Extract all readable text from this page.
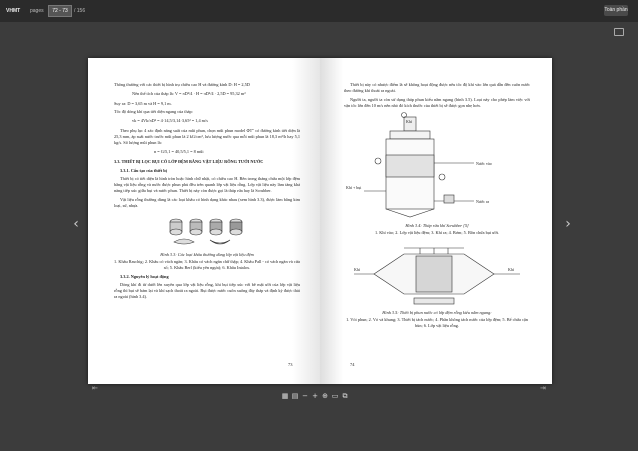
VHMT pages	72 - 73	/ 156	Toàn phần
‹	›

Thông thường với các thiết bị hình trụ chiều cao H và đường kính D: H = 2,5D

Nên thể tích của tháp là: V = πD²/4 · H = πD²/4 · 2,5D = 95,32 m³

Suy ra: D = 3,65 m và H = 9,1 m.

Tốc độ dòng khí qua tiết diện ngang của tháp:

vk = 4Vk/πD² = 4·14,5/3,14·3,65² = 1,4 m/s

Theo phụ lục 4 xác định năng suất của mũi phun, chọn mũi phun model ΦT" có đường kính tiết diện là 25,3 mm, áp suất nước trước mũi phun là 2 kG/cm², lưu lượng nước qua mỗi mũi phun là 18,3 m³/h hay 5,1 kg/s. Số lượng mũi phun là:

n = G/5,1 = 40,5/5,1 = 8 mũi

3.3. THIẾT BỊ LỌC BỤI CÓ LỚP ĐỆM BẰNG VẬT LIỆU RỖNG TƯỚI NƯỚC

3.3.1. Cấu tạo của thiết bị

Thiết bị có tiết diện là hình tròn hoặc hình chữ nhật, có chiều cao H. Bên trong tháng chứa một lớp đệm bằng vật liệu rỗng và nước được phun phủ đều trên quanh lớp vật liệu rỗng. Lớp vật liệu này làm tăng khả năng tiếp xúc giữa bụi và nước phun. Thiết bị này còn được gọi là tháp rửa hay là Scrubber.

Vật liệu rỗng thường dùng là các loại khâu có hình dạng khác nhau (xem hình 3.3), được làm bằng kim loại, sứ, nhựa.

Hình 3.3: Các loại khâu thường dùng lớp vật liệu đệm

1. Khâu Raschig; 2. Khâu có vách ngăn; 3. Khâu có vách ngăn chữ thập; 4. Khâu Pall - có vách ngăn và cửa sổ; 5. Khâu Berl (kiểu yên ngựa); 6. Khâu Intalox.

3.3.2. Nguyên lý hoạt động

Dòng khí đi từ dưới lên xuyên qua lớp vật liệu rỗng, khi bụi tiếp xúc với bề mặt ướt của lớp vật liệu rỗng thì bụi sẽ bám lại và khí sạch thoát ra ngoài. Bụi được nước cuốn xuống đáy tháp và định kỳ được thải ra ngoài (hình 3.4).

73

Thiết bị này có nhược điểm là sẽ không hoạt động được nếu tốc độ khí vào lớn quá dẫn đến cuốn nước theo đường khí thoát ra ngoài.

Người ta, người ta còn sử dụng tháp phun kiểu nằm ngang (hình 3.5). Loại này cho phép làm việc với vận tốc lớn đến 10 m/s nên nhỏ đó kích thước của thiết bị sẽ được gọn nhẹ hơn.

Khí
Khí + bụi
Nước vào
Nước ra

Hình 3.4: Tháp rửa khí Scrubber [5]

1. Khí vào; 2. Lớp vật liệu đệm; 3. Khí ra; 4. Bơm; 5. Bồn chứa bụi ướt.

Khí	Khí

Hình 3.5: Thiết bị phun nước có lớp đệm rỗng kiểu nằm ngang:

1. Vòi phun; 2. Vỏ và khung; 3. Thiết bị tách nước; 4. Phần không tách nước của lớp đệm; 5. Bể chứa cặn bùn; 6. Lớp vật liệu rỗng.

74
▦ ▤ − + ⊕ ▭ ⧉
⇤	⇥
